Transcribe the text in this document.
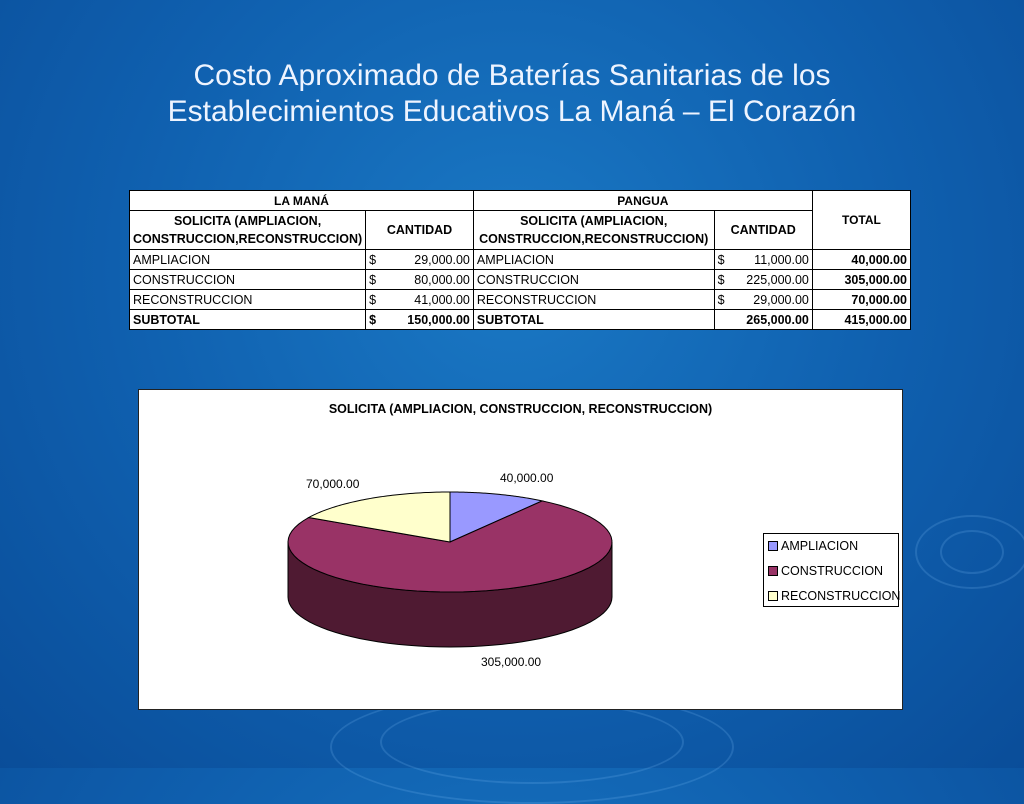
Costo Aproximado de Baterías Sanitarias de los
Establecimientos Educativos La Maná – El Corazón
LA MANÁ		PANGUA		TOTAL
SOLICITA (AMPLIACION, CONSTRUCCION,RECONSTRUCCION)	CANTIDAD	SOLICITA (AMPLIACION, CONSTRUCCION,RECONSTRUCCION)	CANTIDAD	
AMPLIACION	$ 29,000.00	AMPLIACION	$ 11,000.00	40,000.00
CONSTRUCCION	$ 80,000.00	CONSTRUCCION	$ 225,000.00	305,000.00
RECONSTRUCCION	$ 41,000.00	RECONSTRUCCION	$ 29,000.00	70,000.00
SUBTOTAL	$ 150,000.00	SUBTOTAL	265,000.00	415,000.00
SOLICITA (AMPLIACION, CONSTRUCCION, RECONSTRUCCION)
40,000.00
305,000.00
70,000.00
AMPLIACION
CONSTRUCCION
RECONSTRUCCION
